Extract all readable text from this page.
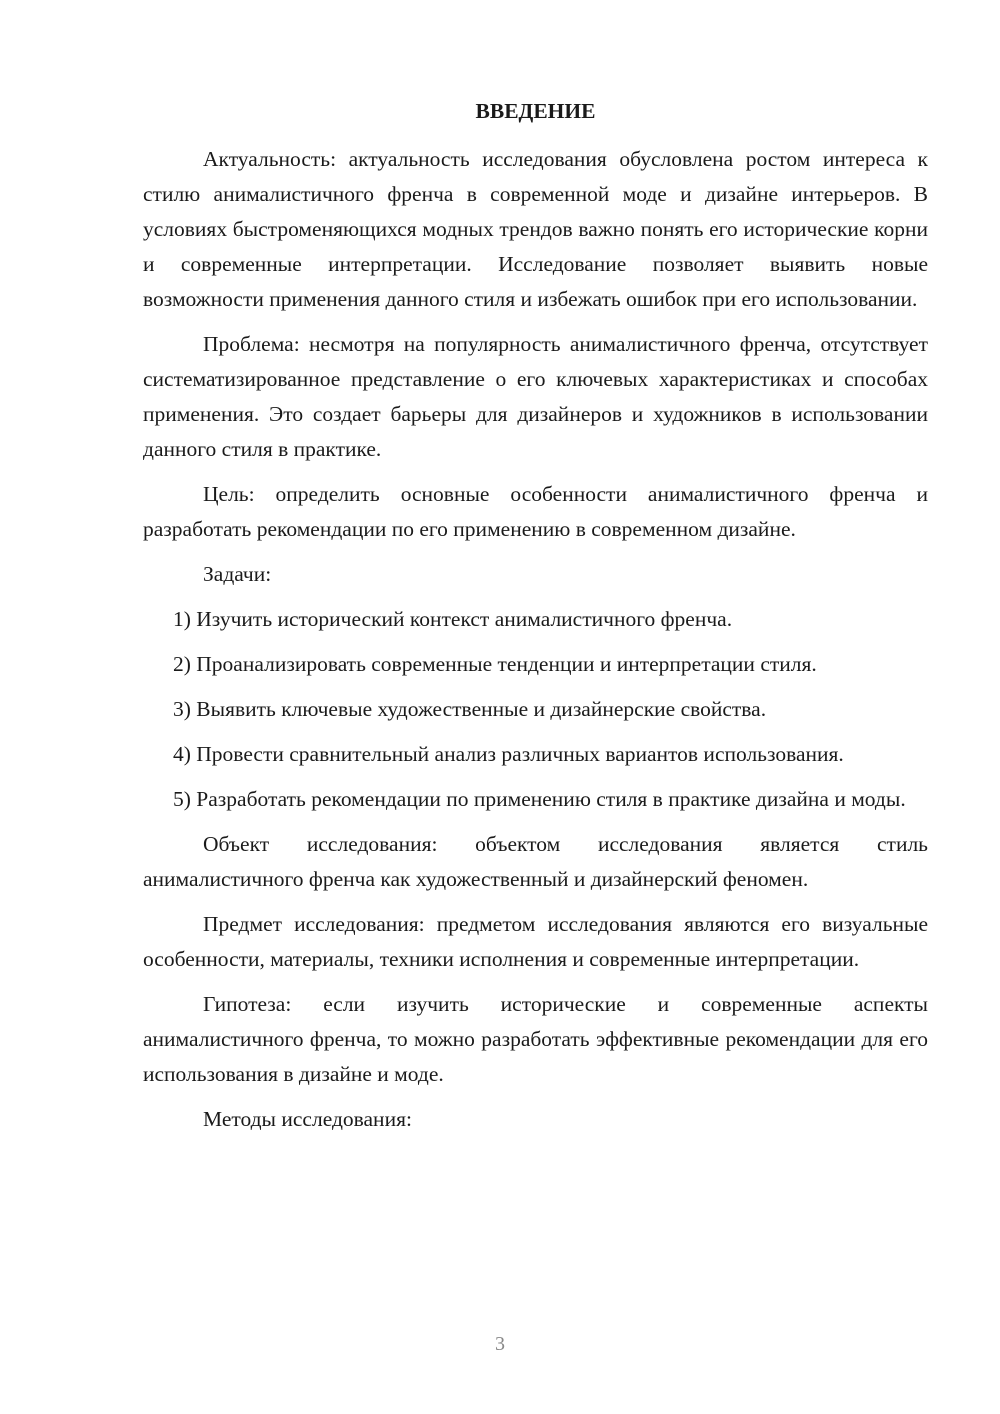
ВВЕДЕНИЕ

Актуальность: актуальность исследования обусловлена ростом интереса к стилю анималистичного френча в современной моде и дизайне интерьеров. В условиях быстроменяющихся модных трендов важно понять его исторические корни и современные интерпретации. Исследование позволяет выявить новые возможности применения данного стиля и избежать ошибок при его использовании.

Проблема: несмотря на популярность анималистичного френча, отсутствует систематизированное представление о его ключевых характеристиках и способах применения. Это создает барьеры для дизайнеров и художников в использовании данного стиля в практике.

Цель: определить основные особенности анималистичного френча и разработать рекомендации по его применению в современном дизайне.

Задачи:

1) Изучить исторический контекст анималистичного френча.

2) Проанализировать современные тенденции и интерпретации стиля.

3) Выявить ключевые художественные и дизайнерские свойства.

4) Провести сравнительный анализ различных вариантов использования.

5) Разработать рекомендации по применению стиля в практике дизайна и моды.

Объект исследования: объектом исследования является стиль анималистичного френча как художественный и дизайнерский феномен.

Предмет исследования: предметом исследования являются его визуальные особенности, материалы, техники исполнения и современные интерпретации.

Гипотеза: если изучить исторические и современные аспекты анималистичного френча, то можно разработать эффективные рекомендации для его использования в дизайне и моде.

Методы исследования:

3
